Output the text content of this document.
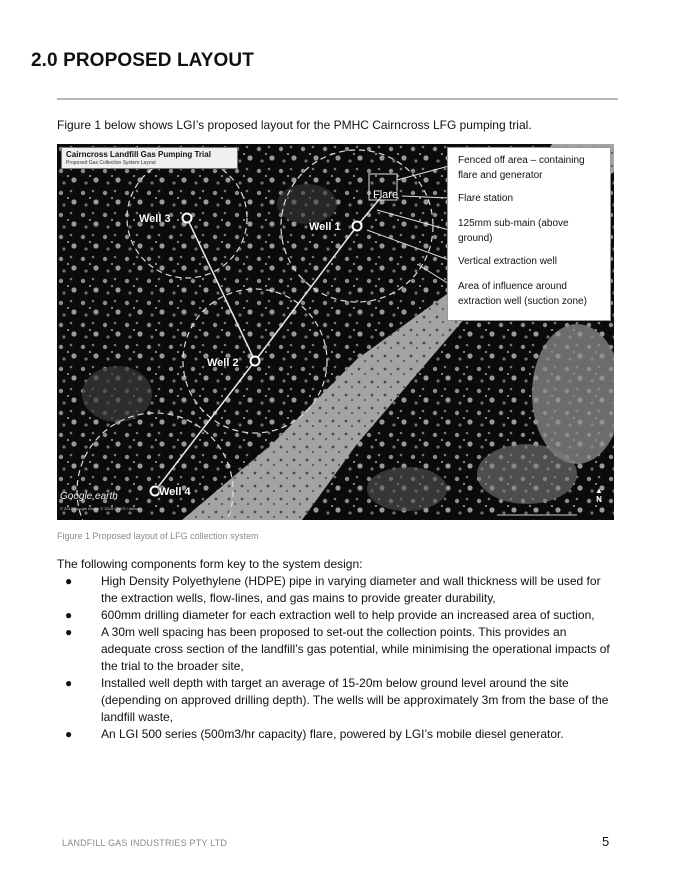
2.0 PROPOSED LAYOUT

Figure 1 below shows LGI’s proposed layout for the PMHC Cairncross LFG pumping trial.

Cairncross Landfill Gas Pumping Trial
Proposed Gas Collection System Layout
Well 3
Well 1
Well 2
Well 4
Flare
Google earth
© 2019 Google Image © 2019 CNES / Airbus
▲
N
Fenced off area – containing flare and generator
Flare station
125mm sub-main (above ground)
Vertical extraction well
Area of influence around extraction well (suction zone)

Figure 1 Proposed layout of LFG collection system

The following components form key to the system design:

● High Density Polyethylene (HDPE) pipe in varying diameter and wall thickness will be used for the extraction wells, flow-lines, and gas mains to provide greater durability,
● 600mm drilling diameter for each extraction well to help provide an increased area of suction,
● A 30m well spacing has been proposed to set-out the collection points. This provides an adequate cross section of the landfill’s gas potential, while minimising the operational impacts of the trial to the broader site,
● Installed well depth with target an average of 15-20m below ground level around the site (depending on approved drilling depth). The wells will be approximately 3m from the base of the landfill waste,
● An LGI 500 series (500m3/hr capacity) flare, powered by LGI’s mobile diesel generator.
LANDFILL GAS INDUSTRIES PTY LTD	5
